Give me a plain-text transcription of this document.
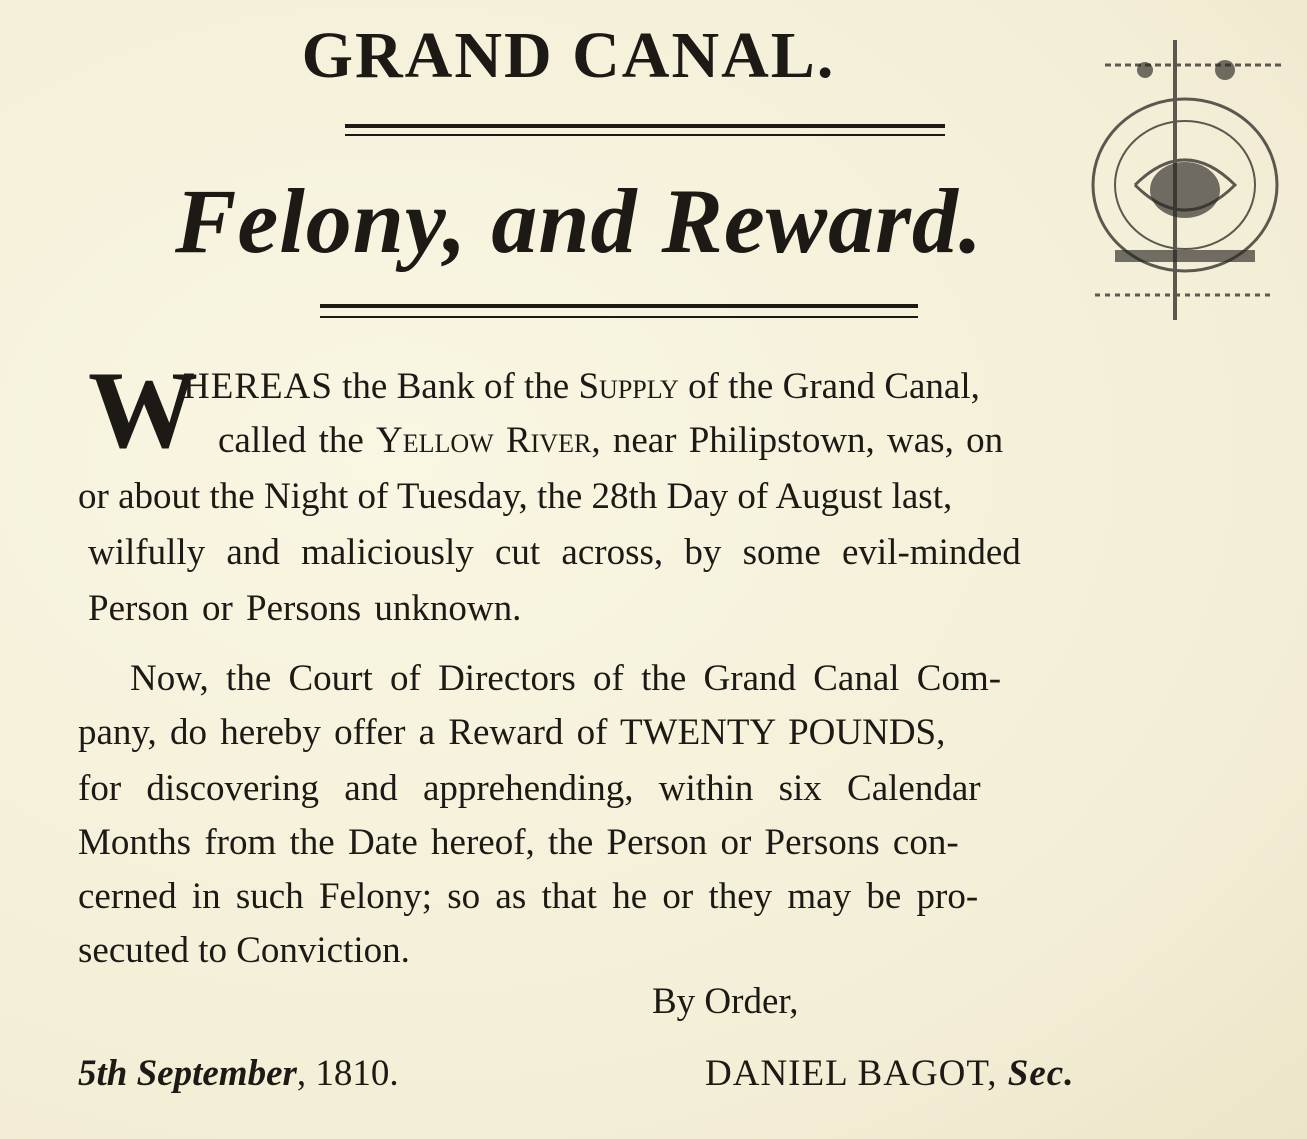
GRAND CANAL.
Felony, and Reward.
W
HEREAS the Bank of the Supply of the Grand Canal,
called the Yellow River, near Philipstown, was, on
or about the Night of Tuesday, the 28th Day of August last,
wilfully and maliciously cut across, by some evil-minded
Person or Persons unknown.
Now, the Court of Directors of the Grand Canal Com-
pany, do hereby offer a Reward of TWENTY POUNDS,
for discovering and apprehending, within six Calendar
Months from the Date hereof, the Person or Persons con-
cerned in such Felony; so as that he or they may be pro-
secuted to Conviction.
By Order,
5th September, 1810.	DANIEL BAGOT, Sec.
